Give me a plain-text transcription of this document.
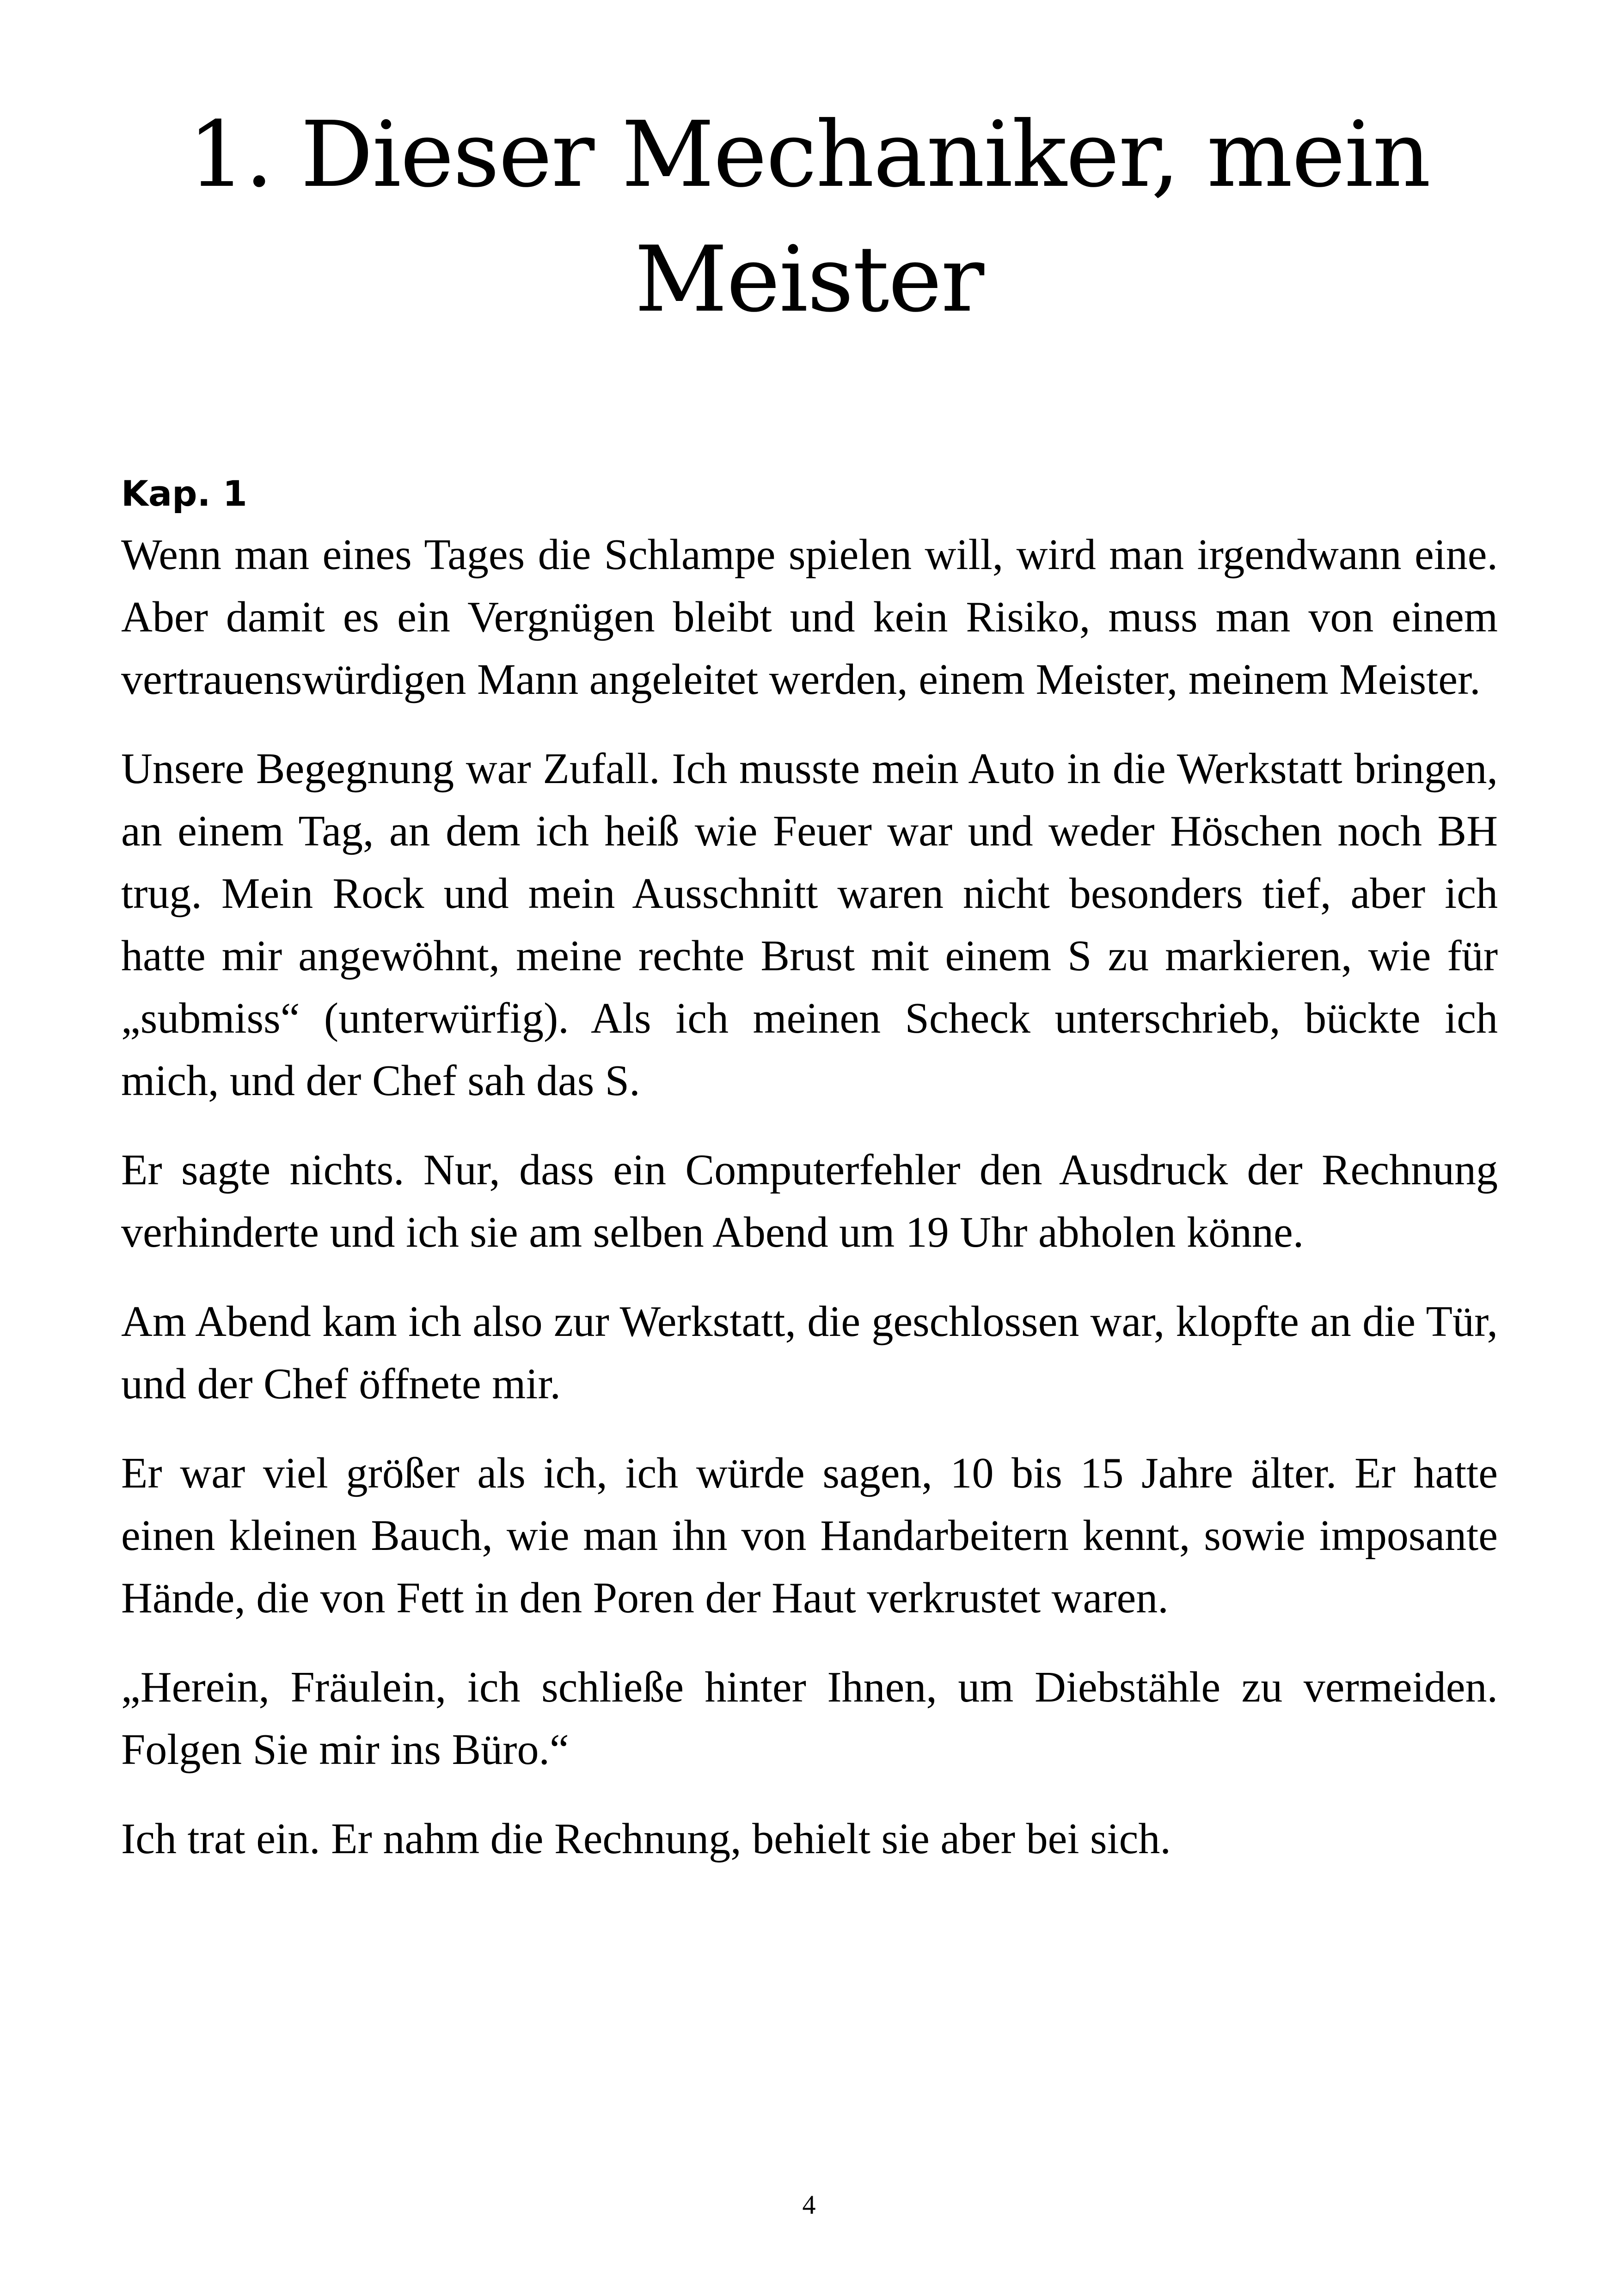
1. Dieser Mechaniker, mein
Meister
Kap. 1

Wenn man eines Tages die Schlampe spielen will, wird man irgendwann eine. Aber damit es ein Vergnügen bleibt und kein Risiko, muss man von einem vertrauenswürdigen Mann angeleitet werden, einem Meister, meinem Meister.

Unsere Begegnung war Zufall. Ich musste mein Auto in die Werkstatt bringen, an einem Tag, an dem ich heiß wie Feuer war und weder Höschen noch BH trug. Mein Rock und mein Ausschnitt waren nicht besonders tief, aber ich hatte mir angewöhnt, meine rechte Brust mit einem S zu markieren, wie für „submiss“ (unterwürfig). Als ich meinen Scheck unterschrieb, bückte ich mich, und der Chef sah das S.

Er sagte nichts. Nur, dass ein Computerfehler den Ausdruck der Rechnung verhinderte und ich sie am selben Abend um 19 Uhr abholen könne.

Am Abend kam ich also zur Werkstatt, die geschlossen war, klopfte an die Tür, und der Chef öffnete mir.

Er war viel größer als ich, ich würde sagen, 10 bis 15 Jahre älter. Er hatte einen kleinen Bauch, wie man ihn von Handarbeitern kennt, sowie imposante Hände, die von Fett in den Poren der Haut verkrustet waren.

„Herein, Fräulein, ich schließe hinter Ihnen, um Diebstähle zu vermeiden. Folgen Sie mir ins Büro.“

Ich trat ein. Er nahm die Rechnung, behielt sie aber bei sich.

4
